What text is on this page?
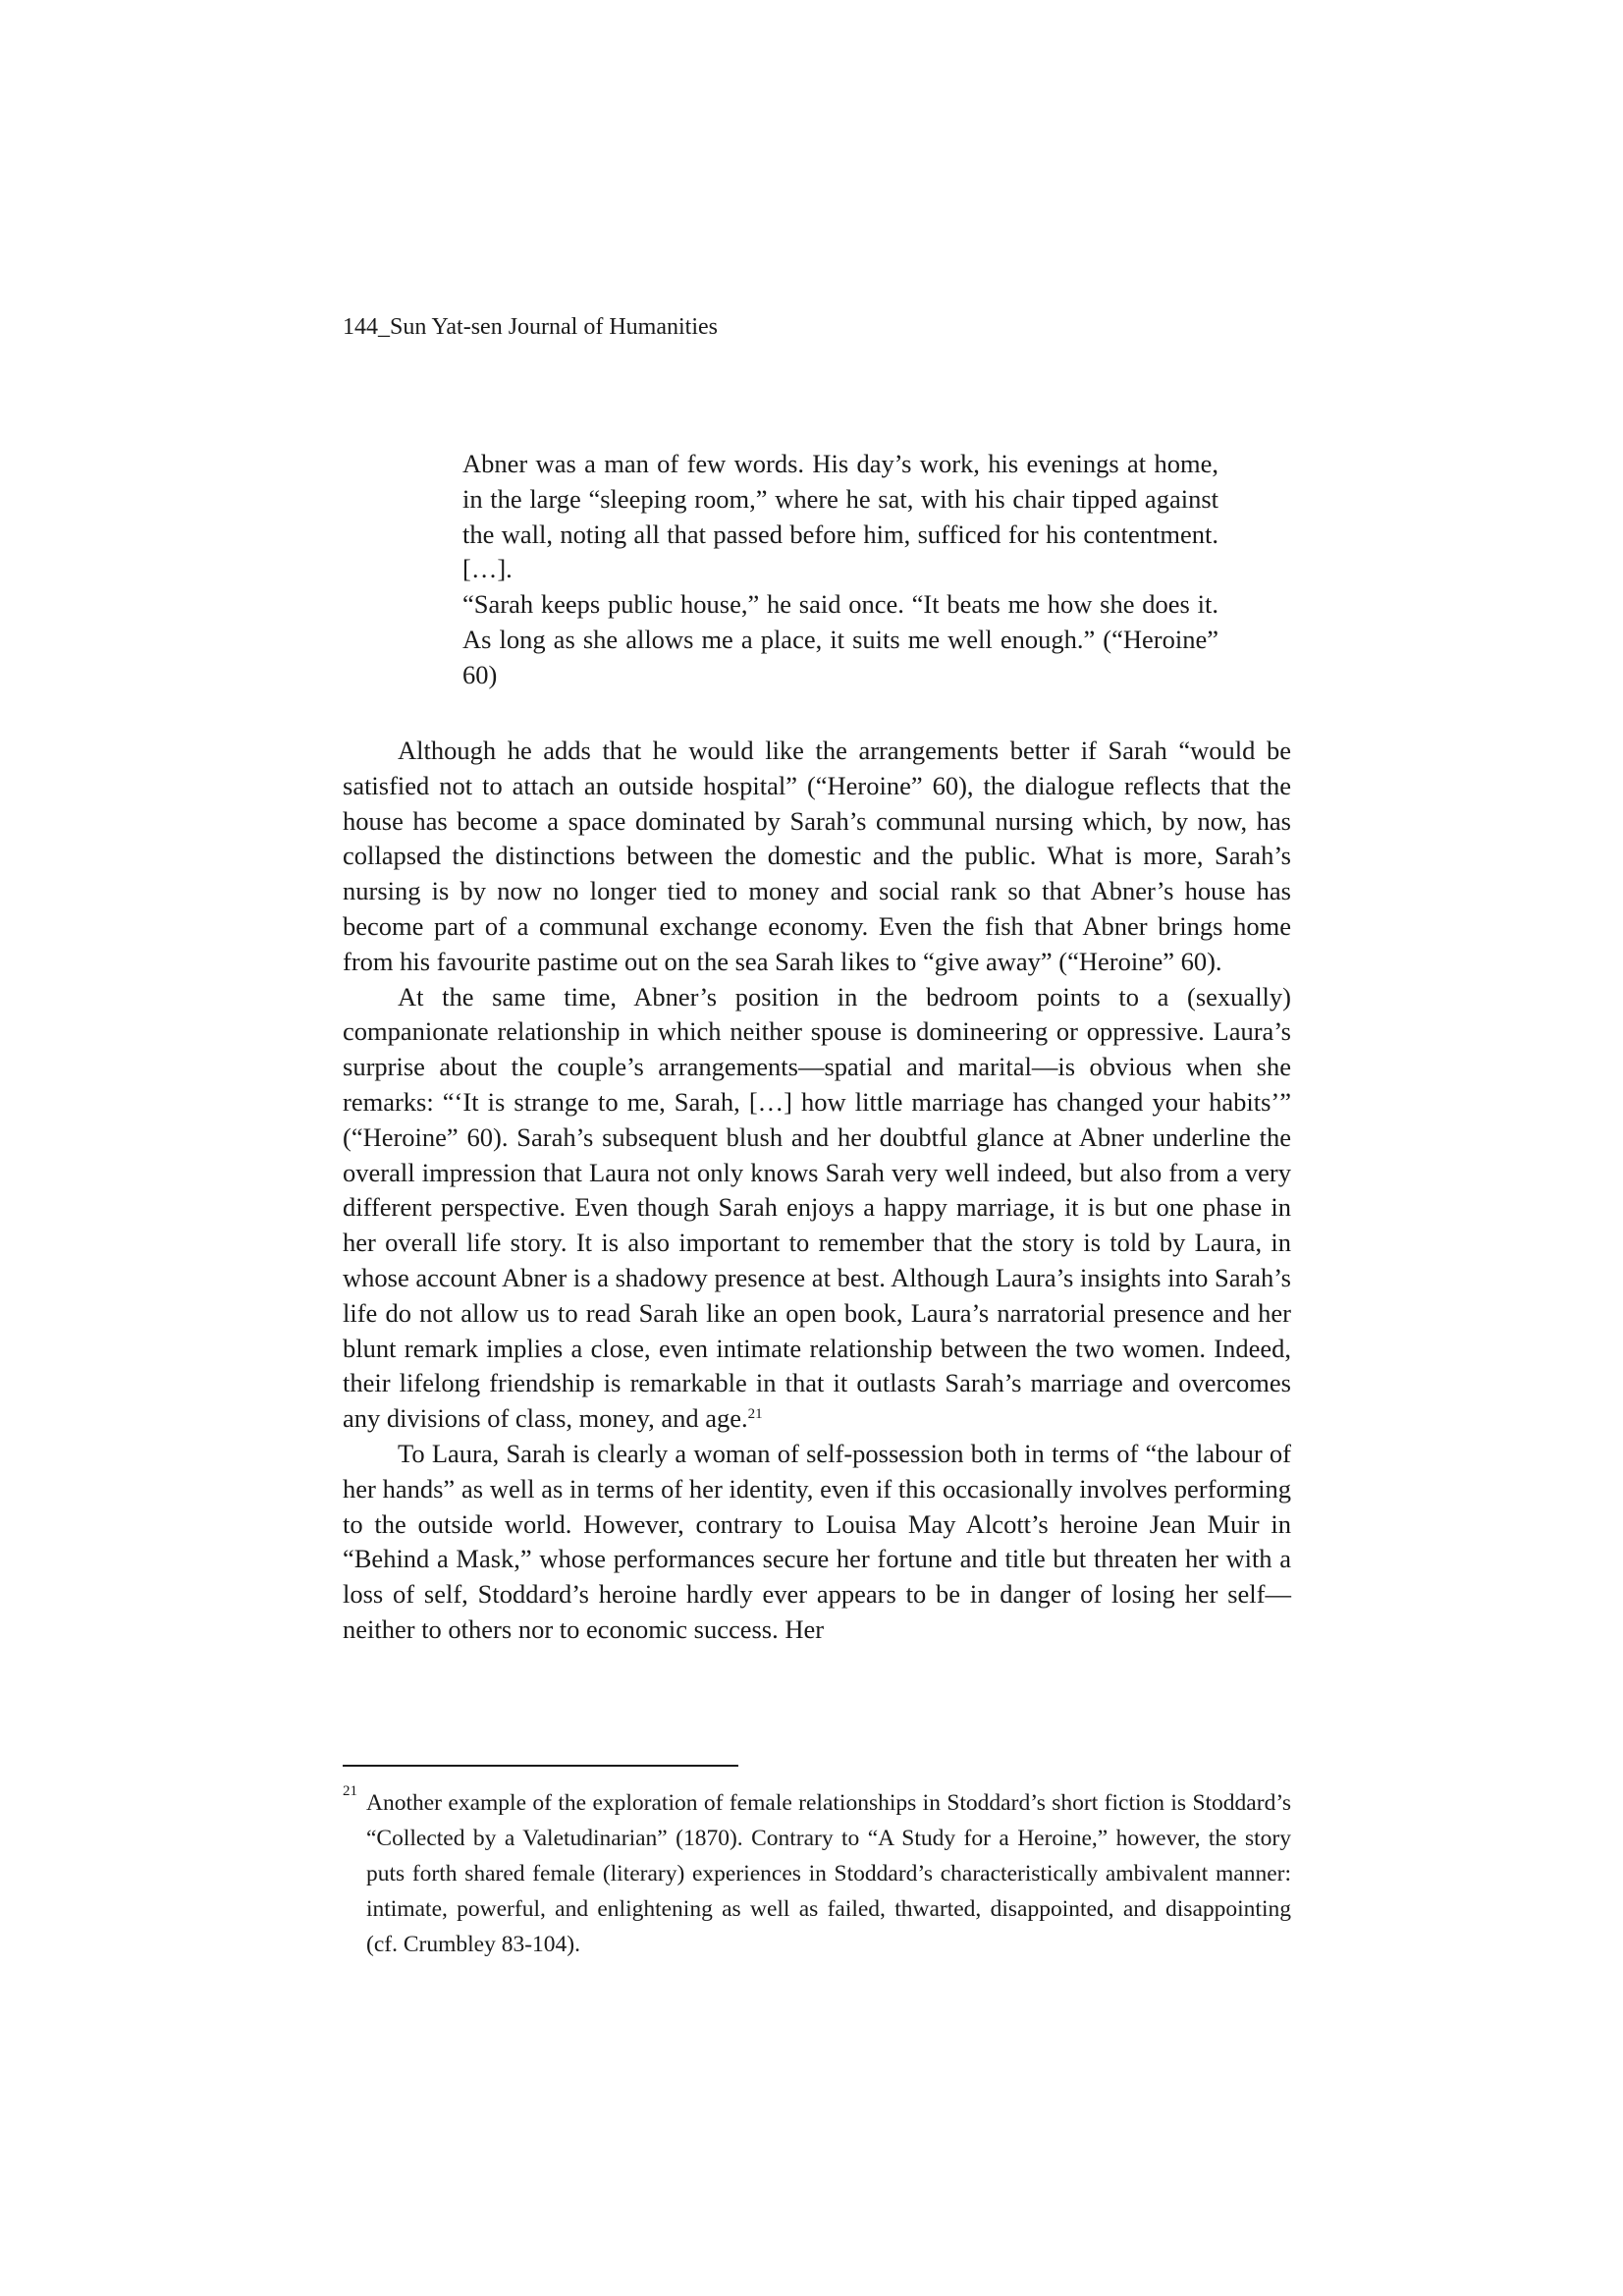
144_Sun Yat-sen Journal of Humanities

Abner was a man of few words. His day’s work, his evenings at home, in the large “sleeping room,” where he sat, with his chair tipped against the wall, noting all that passed before him, sufficed for his contentment. […].

“Sarah keeps public house,” he said once. “It beats me how she does it. As long as she allows me a place, it suits me well enough.” (“Heroine” 60)

Although he adds that he would like the arrangements better if Sarah “would be satisfied not to attach an outside hospital” (“Heroine” 60), the dialogue reflects that the house has become a space dominated by Sarah’s communal nursing which, by now, has collapsed the distinctions between the domestic and the public. What is more, Sarah’s nursing is by now no longer tied to money and social rank so that Abner’s house has become part of a communal exchange economy. Even the fish that Abner brings home from his favourite pastime out on the sea Sarah likes to “give away” (“Heroine” 60).

At the same time, Abner’s position in the bedroom points to a (sexually) companionate relationship in which neither spouse is domineering or oppressive. Laura’s surprise about the couple’s arrangements—spatial and marital—is obvious when she remarks: “‘It is strange to me, Sarah, […] how little marriage has changed your habits’” (“Heroine” 60). Sarah’s subsequent blush and her doubtful glance at Abner underline the overall impression that Laura not only knows Sarah very well indeed, but also from a very different perspective. Even though Sarah enjoys a happy marriage, it is but one phase in her overall life story. It is also important to remember that the story is told by Laura, in whose account Abner is a shadowy presence at best. Although Laura’s insights into Sarah’s life do not allow us to read Sarah like an open book, Laura’s narratorial presence and her blunt remark implies a close, even intimate relationship between the two women. Indeed, their lifelong friendship is remarkable in that it outlasts Sarah’s marriage and overcomes any divisions of class, money, and age.$^{21}$

To Laura, Sarah is clearly a woman of self-possession both in terms of “the labour of her hands” as well as in terms of her identity, even if this occasionally involves performing to the outside world. However, contrary to Louisa May Alcott’s heroine Jean Muir in “Behind a Mask,” whose performances secure her fortune and title but threaten her with a loss of self, Stoddard’s heroine hardly ever appears to be in danger of losing her self—neither to others nor to economic success. Her

21 Another example of the exploration of female relationships in Stoddard’s short fiction is Stoddard’s “Collected by a Valetudinarian” (1870). Contrary to “A Study for a Heroine,” however, the story puts forth shared female (literary) experiences in Stoddard’s characteristically ambivalent manner: intimate, powerful, and enlightening as well as failed, thwarted, disappointed, and disappointing (cf. Crumbley 83-104).
